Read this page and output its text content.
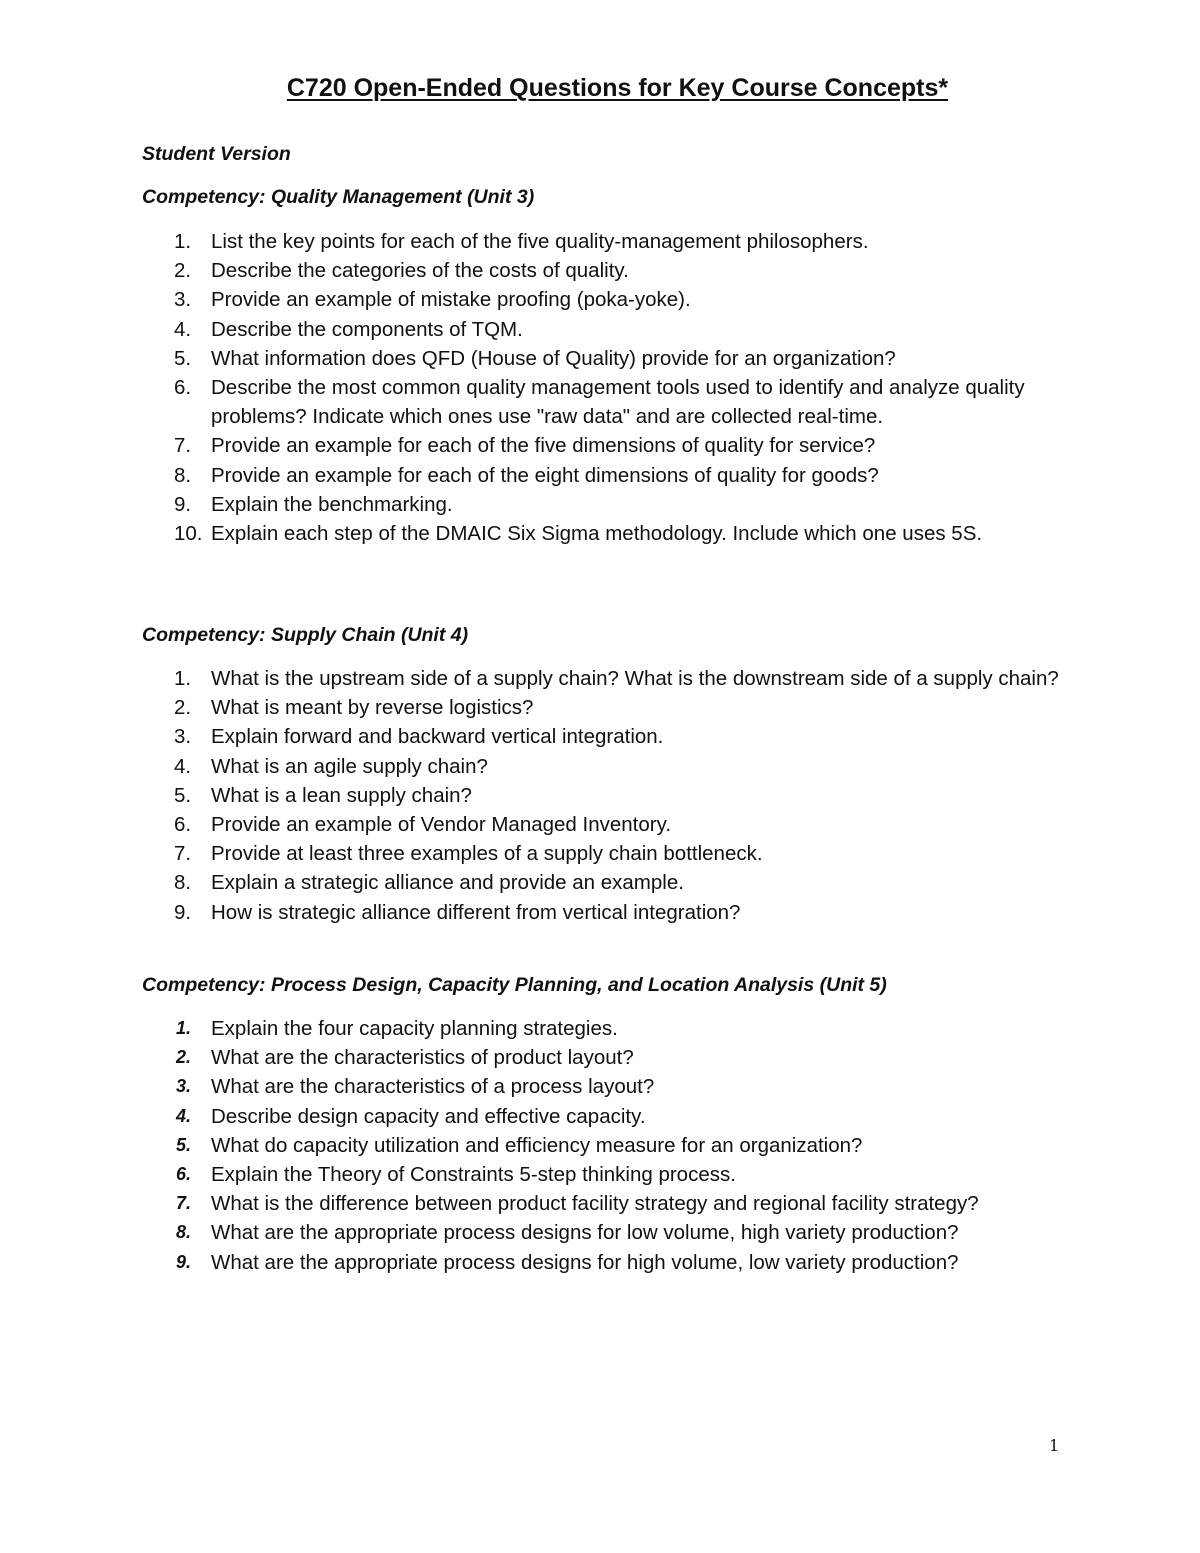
C720 Open-Ended Questions for Key Course Concepts*

Student Version

Competency: Quality Management (Unit 3)

1. List the key points for each of the five quality-management philosophers.
2. Describe the categories of the costs of quality.
3. Provide an example of mistake proofing (poka-yoke).
4. Describe the components of TQM.
5. What information does QFD (House of Quality) provide for an organization?
6. Describe the most common quality management tools used to identify and analyze quality problems? Indicate which ones use "raw data" and are collected real-time.
7. Provide an example for each of the five dimensions of quality for service?
8. Provide an example for each of the eight dimensions of quality for goods?
9. Explain the benchmarking.
10. Explain each step of the DMAIC Six Sigma methodology. Include which one uses 5S.

Competency: Supply Chain (Unit 4)

1. What is the upstream side of a supply chain? What is the downstream side of a supply chain?
2. What is meant by reverse logistics?
3. Explain forward and backward vertical integration.
4. What is an agile supply chain?
5. What is a lean supply chain?
6. Provide an example of Vendor Managed Inventory.
7. Provide at least three examples of a supply chain bottleneck.
8. Explain a strategic alliance and provide an example.
9. How is strategic alliance different from vertical integration?

Competency: Process Design, Capacity Planning, and Location Analysis (Unit 5)

1. Explain the four capacity planning strategies.
2. What are the characteristics of product layout?
3. What are the characteristics of a process layout?
4. Describe design capacity and effective capacity.
5. What do capacity utilization and efficiency measure for an organization?
6. Explain the Theory of Constraints 5-step thinking process.
7. What is the difference between product facility strategy and regional facility strategy?
8. What are the appropriate process designs for low volume, high variety production?
9. What are the appropriate process designs for high volume, low variety production?
1
